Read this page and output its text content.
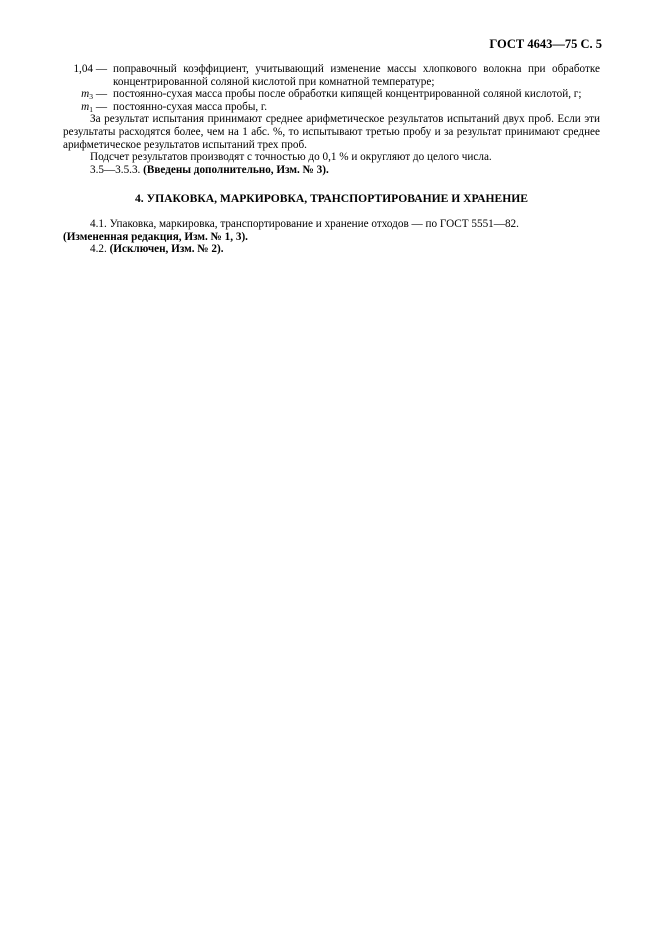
ГОСТ 4643—75 С. 5
1,04 — поправочный коэффициент, учитывающий изменение массы хлопкового волокна при обработке концентрированной соляной кислотой при комнатной температуре;
$m_3$ — постоянно-сухая масса пробы после обработки кипящей концентрированной соляной кислотой, г;
$m_1$ — постоянно-сухая масса пробы, г.

За результат испытания принимают среднее арифметическое результатов испытаний двух проб. Если эти результаты расходятся более, чем на 1 абс. %, то испытывают третью пробу и за результат принимают среднее арифметическое результатов испытаний трех проб.

Подсчет результатов производят с точностью до 0,1 % и округляют до целого числа.

3.5—3.5.3. (Введены дополнительно, Изм. № 3).

4. УПАКОВКА, МАРКИРОВКА, ТРАНСПОРТИРОВАНИЕ И ХРАНЕНИЕ

4.1. Упаковка, маркировка, транспортирование и хранение отходов — по ГОСТ 5551—82.

(Измененная редакция, Изм. № 1, 3).

4.2. (Исключен, Изм. № 2).
